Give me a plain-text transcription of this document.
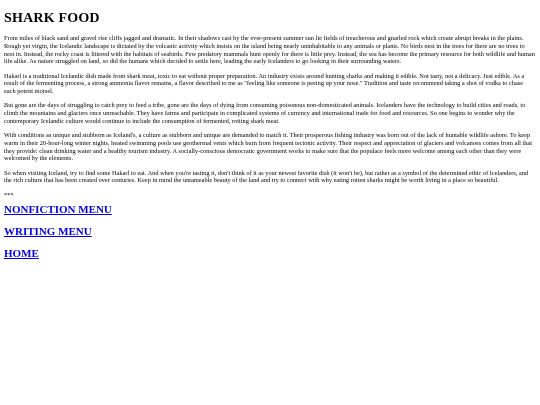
SHARK FOOD

From miles of black sand and gravel rise cliffs jagged and dramatic. In their shadows cast by the ever-present summer sun lie fields of treacherous and gnarled rock which create abrupt breaks in the plains. Rough yet virgin, the Icelandic landscape is dictated by the volcanic activity which insists on the island being nearly uninhabitable to any animals or plants. No birds nest in the trees for there are no trees to nest in. Instead, the rocky coast is littered with the habitats of seabirds. Few predatory mammals hunt openly for there is little prey. Instead, the sea has become the primary resource for both wildlife and human life alike. As nature struggled on land, so did the humans which decided to settle here, leading the early Icelanders to go looking in their surrounding waters.

Hakarl is a traditional Icelandic dish made from shark meat, toxic to eat without proper preparation. An industry exists around hunting sharks and making it edible. Not tasty, not a delicacy. Just edible. As a result of the fermenting process, a strong ammonia flavor remains, a flavor described to me as "feeling like someone is peeing up your nose." Tradition and taste recommend taking a shot of vodka to chase each potent morsel.

But gone are the days of struggling to catch prey to feed a tribe, gone are the days of dying from consuming poisonous non-domesticated animals. Icelanders have the technology to build cities and roads, to climb the mountains and glaciers once unreachable. They have farms and participate in complicated systems of currency and international trade for food and resources. So one begins to wonder why the contemporary Icelandic culture would continue to include the consumption of fermented, rotting shark meat.

With conditions as unique and stubborn as Iceland's, a culture as stubborn and unique are demanded to match it. Their prosperous fishing industry was born out of the lack of huntable wildlife ashore. To keep warm in their 20-hour-long winter nights, heated swimming pools use geothermal vents which burn from frequent tectonic activity. Their respect and appreciation of glaciers and volcanoes comes from all that they provide: clean drinking water and a healthy tourism industry. A socially-conscious democratic government works to make sure that the populace feels more welcome among each other than they were welcomed by the elements.

So when visiting Iceland, try to find some Hakarl to eat. And when you're tasting it, don't think of it as your newest favorite dish (it won't be), but rather as a symbol of the determined ethic of Icelanders, and the rich culture that has been created over centuries. Keep in mind the untameable beauty of the land and try to connect with why eating rotten sharks might be worth living in a place so beautiful.

***
NONFICTION MENU
WRITING MENU
HOME
